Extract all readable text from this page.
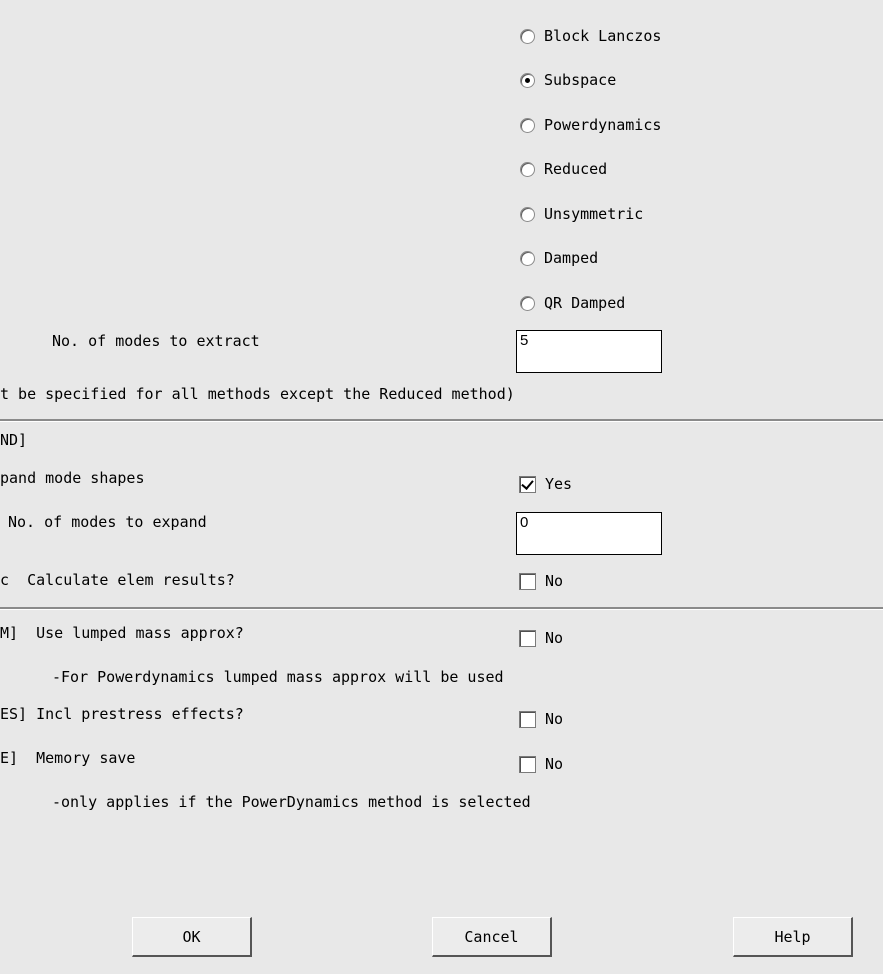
Block Lanczos
Subspace
Powerdynamics
Reduced
Unsymmetric
Damped
QR Damped
No. of modes to extract	5
t be specified for all methods except the Reduced method)
ND]
pand mode shapes	Yes
No. of modes to expand	0
c  Calculate elem results?	No
M]  Use lumped mass approx?	No
-For Powerdynamics lumped mass approx will be used
ES] Incl prestress effects?	No
E]  Memory save	No
-only applies if the PowerDynamics method is selected
OK	Cancel	Help
